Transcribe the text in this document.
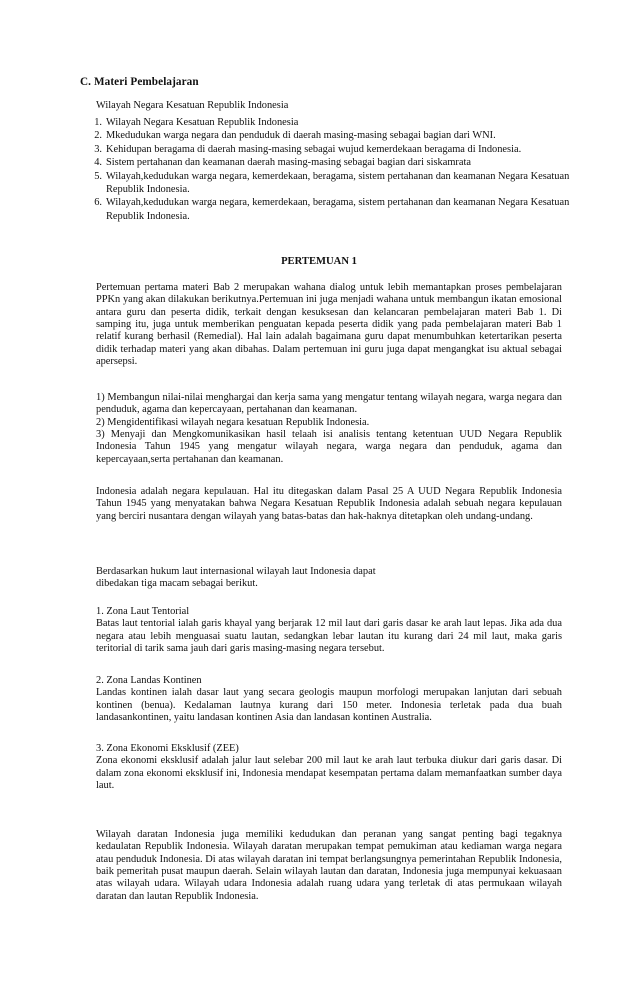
C. Materi Pembelajaran
Wilayah Negara Kesatuan Republik Indonesia
1. Wilayah Negara Kesatuan Republik Indonesia
2. Mkedudukan warga negara dan penduduk di daerah masing-masing sebagai bagian dari WNI.
3. Kehidupan beragama di daerah masing-masing sebagai wujud kemerdekaan beragama di Indonesia.
4. Sistem pertahanan dan keamanan daerah masing-masing sebagai bagian dari siskamrata
5. Wilayah,kedudukan warga negara, kemerdekaan, beragama, sistem pertahanan dan keamanan Negara Kesatuan Republik Indonesia.
6. Wilayah,kedudukan warga negara, kemerdekaan, beragama, sistem pertahanan dan keamanan Negara Kesatuan Republik Indonesia.
PERTEMUAN 1

Pertemuan pertama materi Bab 2 merupakan wahana dialog untuk lebih memantapkan proses pembelajaran PPKn yang akan dilakukan berikutnya.Pertemuan ini juga menjadi wahana untuk membangun ikatan emosional antara guru dan peserta didik, terkait dengan kesuksesan dan kelancaran pembelajaran materi Bab 1. Di samping itu, juga untuk memberikan penguatan kepada peserta didik yang pada pembelajaran materi Bab 1 relatif kurang berhasil (Remedial). Hal lain adalah bagaimana guru dapat menumbuhkan ketertarikan peserta didik terhadap materi yang akan dibahas. Dalam pertemuan ini guru juga dapat mengangkat isu aktual sebagai apersepsi.

1) Membangun nilai-nilai menghargai dan kerja sama yang mengatur tentang wilayah negara, warga negara dan penduduk, agama dan kepercayaan, pertahanan dan keamanan.

2) Mengidentifikasi wilayah negara kesatuan Republik Indonesia.

3) Menyaji dan Mengkomunikasikan hasil telaah isi analisis tentang ketentuan UUD Negara Republik Indonesia Tahun 1945 yang mengatur wilayah negara, warga negara dan penduduk, agama dan kepercayaan,serta pertahanan dan keamanan.

Indonesia adalah negara kepulauan. Hal itu ditegaskan dalam Pasal 25 A UUD Negara Republik Indonesia Tahun 1945 yang menyatakan bahwa Negara Kesatuan Republik Indonesia adalah sebuah negara kepulauan yang berciri nusantara dengan wilayah yang batas-batas dan hak-haknya ditetapkan oleh undang-undang.

Berdasarkan hukum laut internasional wilayah laut Indonesia dapat

dibedakan tiga macam sebagai berikut.

1. Zona Laut Tentorial

Batas laut tentorial ialah garis khayal yang berjarak 12 mil laut dari garis dasar ke arah laut lepas. Jika ada dua negara atau lebih menguasai suatu lautan, sedangkan lebar lautan itu kurang dari 24 mil laut, maka garis teritorial di tarik sama jauh dari garis masing-masing negara tersebut.

2. Zona Landas Kontinen

Landas kontinen ialah dasar laut yang secara geologis maupun morfologi merupakan lanjutan dari sebuah kontinen (benua). Kedalaman lautnya kurang dari 150 meter. Indonesia terletak pada dua buah landasankontinen, yaitu landasan kontinen Asia dan landasan kontinen Australia.

3. Zona Ekonomi Eksklusif (ZEE)

Zona ekonomi eksklusif adalah jalur laut selebar 200 mil laut ke arah laut terbuka diukur dari garis dasar. Di dalam zona ekonomi eksklusif ini, Indonesia mendapat kesempatan pertama dalam memanfaatkan sumber daya laut.

Wilayah daratan Indonesia juga memiliki kedudukan dan peranan yang sangat penting bagi tegaknya kedaulatan Republik Indonesia. Wilayah daratan merupakan tempat pemukiman atau kediaman warga negara atau penduduk Indonesia. Di atas wilayah daratan ini tempat berlangsungnya pemerintahan Republik Indonesia, baik pemeritah pusat maupun daerah. Selain wilayah lautan dan daratan, Indonesia juga mempunyai kekuasaan atas wilayah udara. Wilayah udara Indonesia adalah ruang udara yang terletak di atas permukaan wilayah daratan dan lautan Republik Indonesia.
